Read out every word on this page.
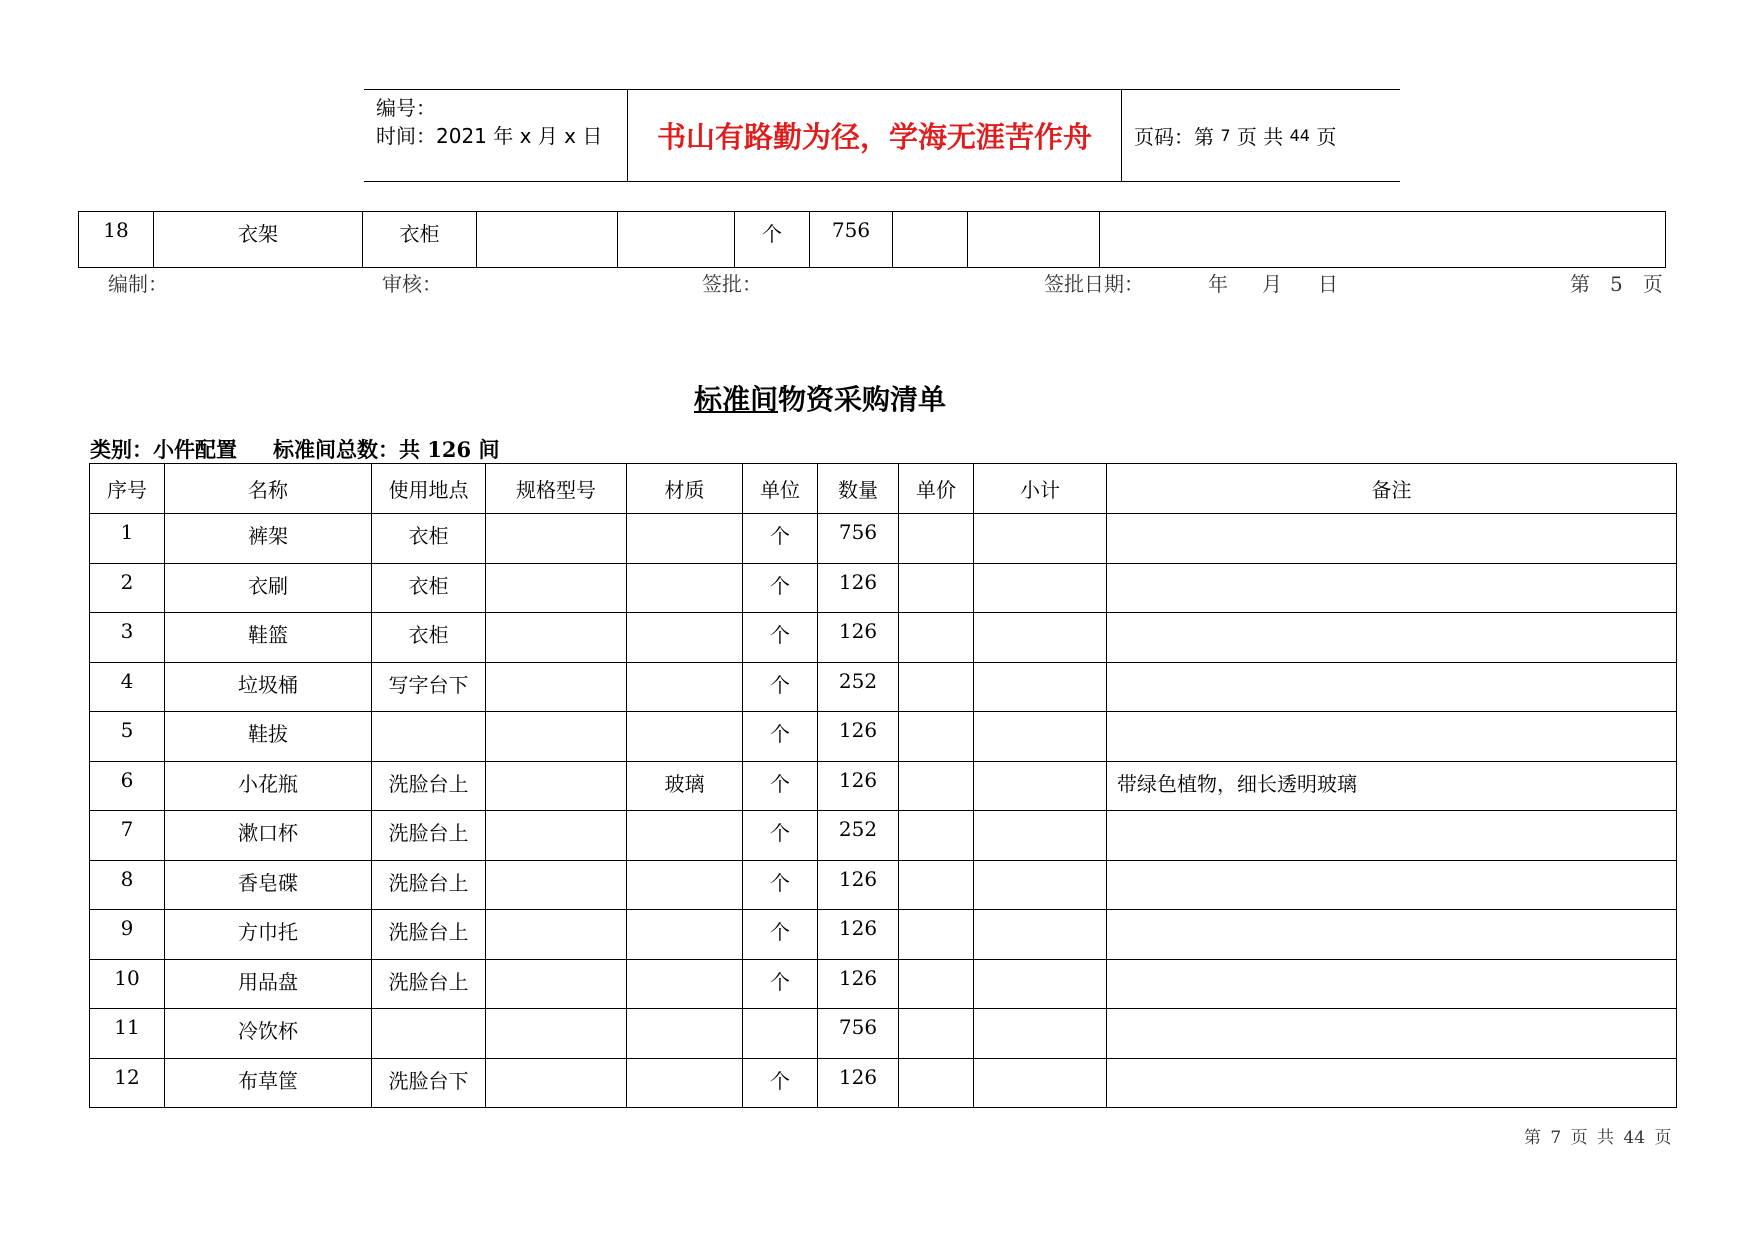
编号：
时间：2021 年 x 月 x 日	书山有路勤为径，学海无涯苦作舟	页码：第
7
页 共
44
页
18	衣架	衣柜			个	756			
编制：	审核：	签批：	签批日期：	年 月 日	第　5　页
标准间物资采购清单
类别：小件配置 标准间总数：共 126 间
序号	名称	使用地点	规格型号	材质	单位	数量	单价	小计	备注
1	裤架	衣柜			个	756			
2	衣刷	衣柜			个	126			
3	鞋篮	衣柜			个	126			
4	垃圾桶	写字台下			个	252			
5	鞋拔				个	126			
6	小花瓶	洗脸台上		玻璃	个	126			带绿色植物，细长透明玻璃
7	漱口杯	洗脸台上			个	252			
8	香皂碟	洗脸台上			个	126			
9	方巾托	洗脸台上			个	126			
10	用品盘	洗脸台上			个	126			
11	冷饮杯					756			
12	布草筐	洗脸台下			个	126			
第 7 页 共 44 页
